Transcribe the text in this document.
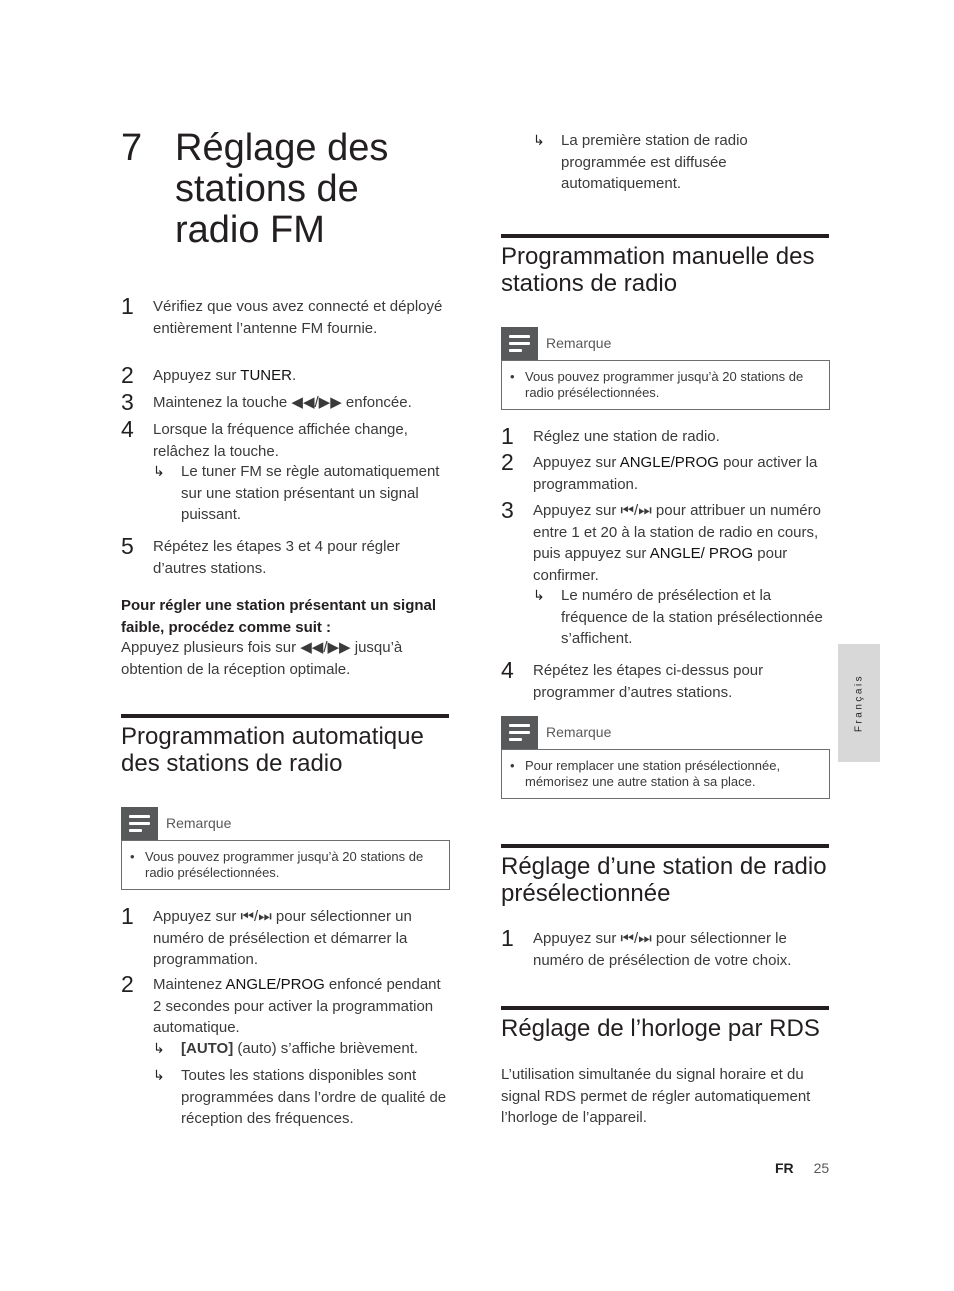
7 Réglage des stations de radio FM
1 Vérifiez que vous avez connecté et déployé entièrement l’antenne FM fournie.
2 Appuyez sur TUNER.
3 Maintenez la touche ◀◀/▶▶ enfoncée.
4 Lorsque la fréquence affichée change, relâchez la touche.
↳ Le tuner FM se règle automatiquement sur une station présentant un signal puissant.
5 Répétez les étapes 3 et 4 pour régler d’autres stations.
Pour régler une station présentant un signal faible, procédez comme suit :
Appuyez plusieurs fois sur ◀◀/▶▶ jusqu’à obtention de la réception optimale.
Programmation automatique des stations de radio
Remarque
• Vous pouvez programmer jusqu’à 20 stations de radio présélectionnées.
1 Appuyez sur ⏮/⏭ pour sélectionner un numéro de présélection et démarrer la programmation.
2 Maintenez ANGLE/PROG enfoncé pendant 2 secondes pour activer la programmation automatique.
↳ [AUTO] (auto) s’affiche brièvement.
↳ Toutes les stations disponibles sont programmées dans l’ordre de qualité de réception des fréquences.
↳ La première station de radio programmée est diffusée automatiquement.
Programmation manuelle des stations de radio
Remarque
• Vous pouvez programmer jusqu’à 20 stations de radio présélectionnées.
1 Réglez une station de radio.
2 Appuyez sur ANGLE/PROG pour activer la programmation.
3 Appuyez sur ⏮/⏭ pour attribuer un numéro entre 1 et 20 à la station de radio en cours, puis appuyez sur ANGLE/ PROG pour confirmer.
↳ Le numéro de présélection et la fréquence de la station présélectionnée s’affichent.
4 Répétez les étapes ci-dessus pour programmer d’autres stations.
Remarque
• Pour remplacer une station présélectionnée, mémorisez une autre station à sa place.
Réglage d’une station de radio présélectionnée
1 Appuyez sur ⏮/⏭ pour sélectionner le numéro de présélection de votre choix.
Réglage de l’horloge par RDS
L’utilisation simultanée du signal horaire et du signal RDS permet de régler automatiquement l’horloge de l’appareil.
Français
FR 25
